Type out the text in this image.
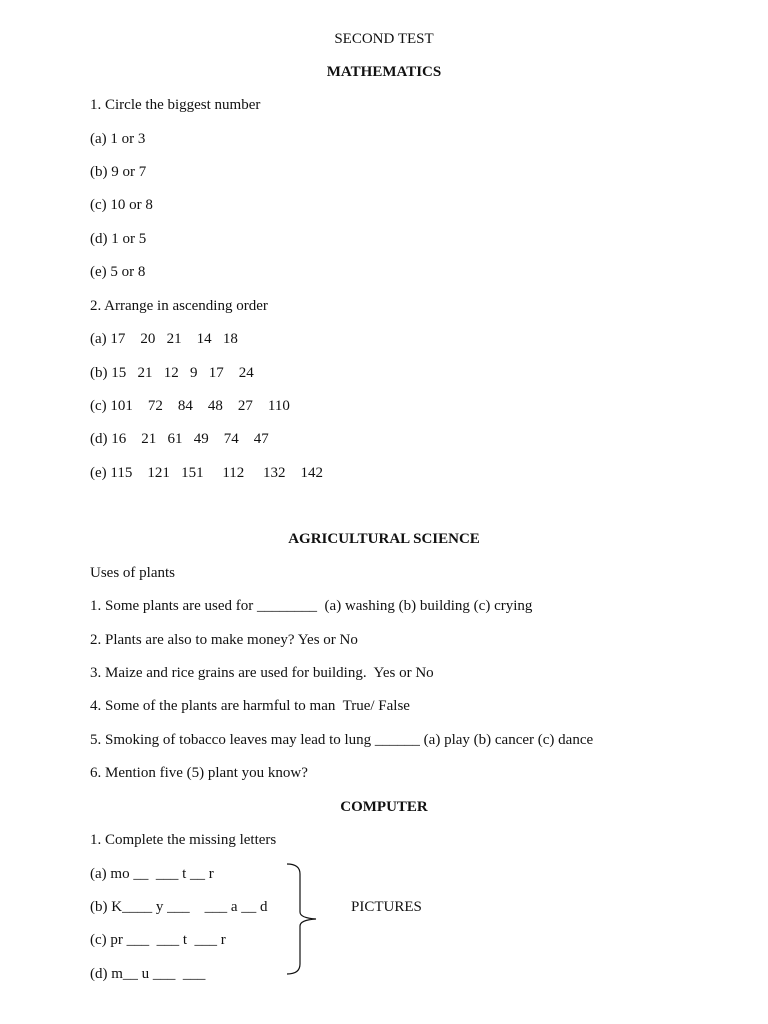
SECOND TEST
MATHEMATICS
1. Circle the biggest number
(a) 1 or 3
(b) 9 or 7
(c) 10 or 8
(d) 1 or 5
(e) 5 or 8
2. Arrange in ascending order
(a) 17    20   21    14   18
(b) 15   21   12   9   17    24
(c) 101    72    84    48    27    110
(d) 16    21   61   49    74    47
(e) 115    121   151     112     132    142
AGRICULTURAL SCIENCE
Uses of plants
1. Some plants are used for ________  (a) washing (b) building (c) crying
2. Plants are also to make money? Yes or No
3. Maize and rice grains are used for building.  Yes or No
4. Some of the plants are harmful to man  True/ False
5. Smoking of tobacco leaves may lead to lung ______ (a) play (b) cancer (c) dance
6. Mention five (5) plant you know?
COMPUTER
1. Complete the missing letters
(a) mo __  ___ t __ r
(b) K____ y ___    ___ a __ d
(c) pr ___  ___ t  ___ r
(d) m__ u ___  ___
PICTURES
